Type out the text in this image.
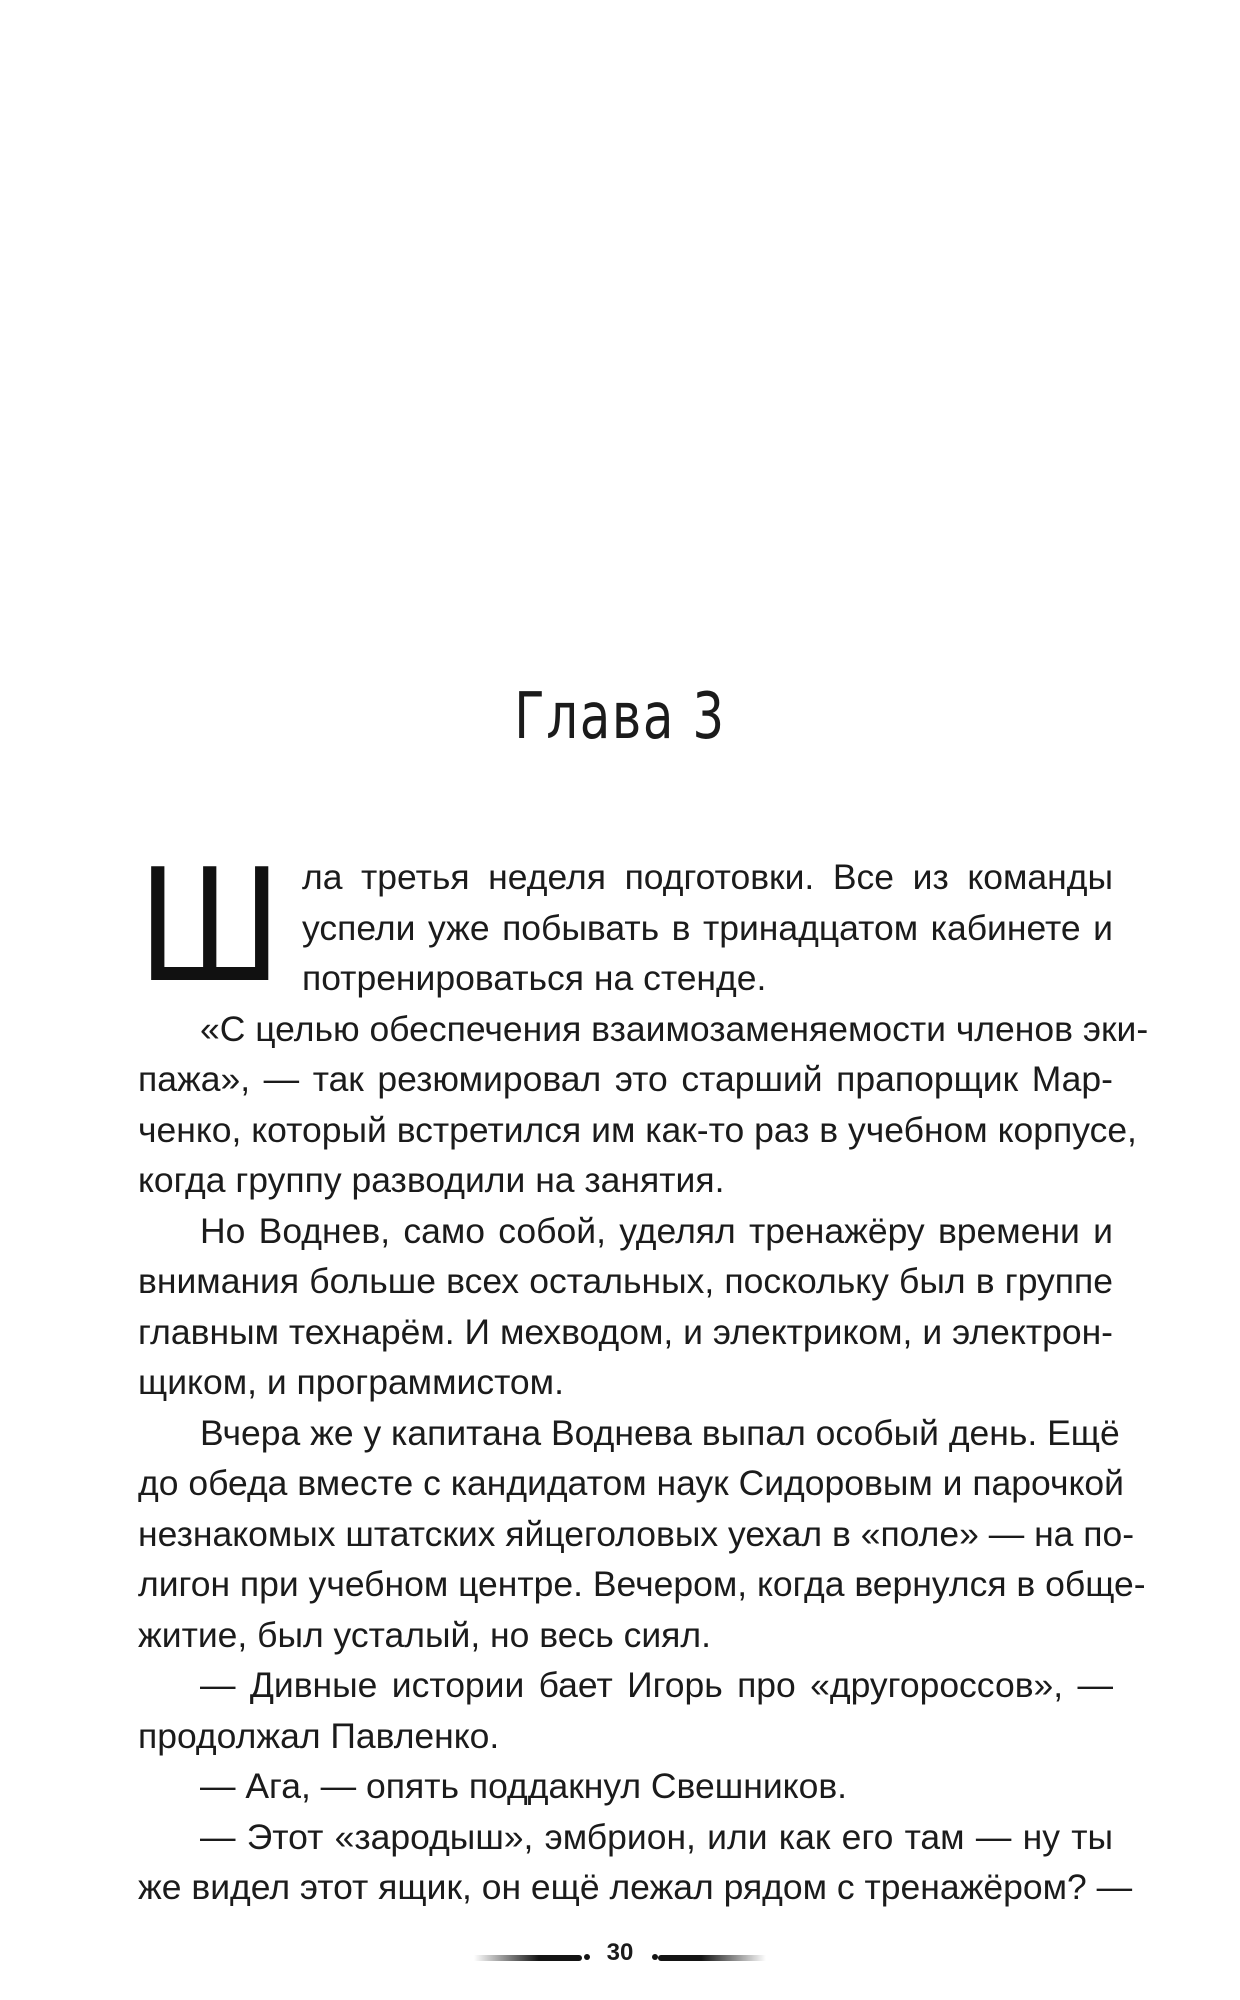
Глава 3
Ш ла третья неделя подготовки. Все из команды
успели уже побывать в тринадцатом кабинете и
потренироваться на стенде.
«С целью обеспечения взаимозаменяемости членов эки-
пажа», — так резюмировал это старший прапорщик Мар-
ченко, который встретился им как-то раз в учебном корпусе,
когда группу разводили на занятия.
Но Воднев, само собой, уделял тренажёру времени и
внимания больше всех остальных, поскольку был в группе
главным технарём. И мехводом, и электриком, и электрон-
щиком, и программистом.
Вчера же у капитана Воднева выпал особый день. Ещё
до обеда вместе с кандидатом наук Сидоровым и парочкой
незнакомых штатских яйцеголовых уехал в «поле» — на по-
лигон при учебном центре. Вечером, когда вернулся в обще-
житие, был усталый, но весь сиял.
— Дивные истории бает Игорь про «другороссов», —
продолжал Павленко.
— Ага, — опять поддакнул Свешников.
— Этот «зародыш», эмбрион, или как его там — ну ты
же видел этот ящик, он ещё лежал рядом с тренажёром? —
30
